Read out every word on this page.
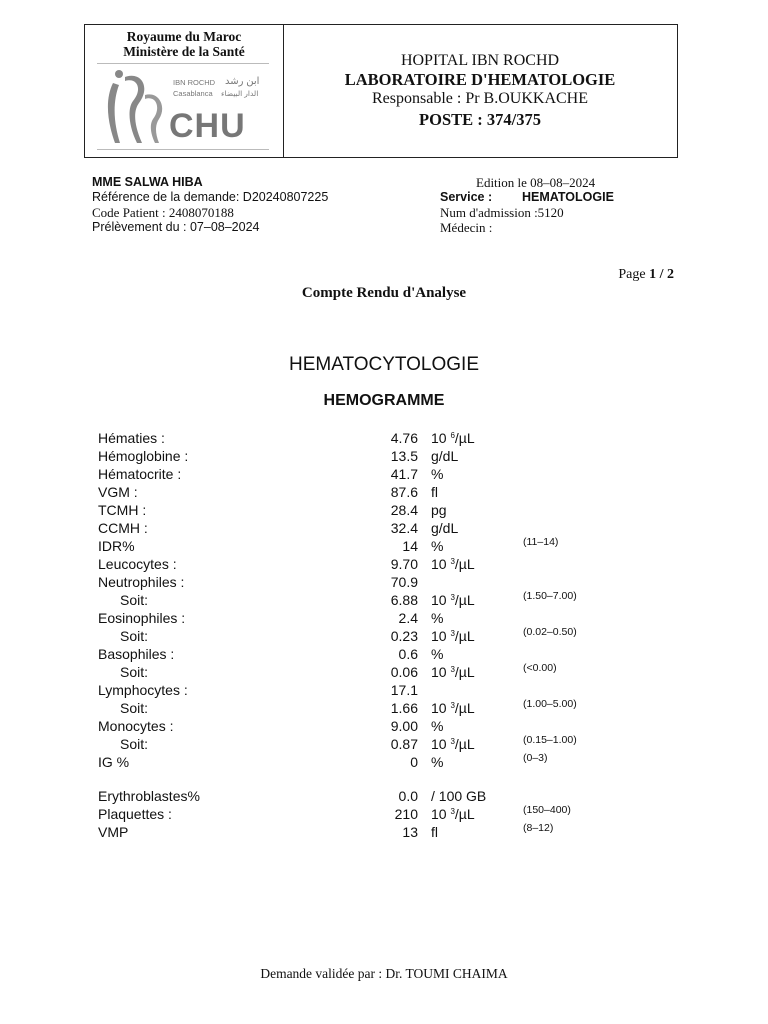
Royaume du Maroc
Ministère de la Santé
IBN ROCHD
Casablanca
ابن رشد
الدار البيضاء
CHU
HOPITAL IBN ROCHD
LABORATOIRE D'HEMATOLOGIE
Responsable : Pr B.OUKKACHE
POSTE : 374/375
MME SALWA HIBA
Référence de la demande: D20240807225
Code Patient : 2408070188
Prélèvement du : 07–08–2024
Edition le 08–08–2024
Service : HEMATOLOGIE
Num d'admission :5120
Médecin :
Page 1 / 2
Compte Rendu d'Analyse
HEMATOCYTOLOGIE
HEMOGRAMME
Hématies :	4.76 10 $^6$/µL
Hémoglobine :	13.5 g/dL
Hématocrite :	41.7 %
VGM :	87.6 fl
TCMH :	28.4 pg
CCMH :	32.4 g/dL
IDR%	14 %	(11–14)
Leucocytes :	9.70 10 $^3$/µL
Neutrophiles :	70.9
Soit:	6.88 10 $^3$/µL	(1.50–7.00)
Eosinophiles :	2.4 %
Soit:	0.23 10 $^3$/µL	(0.02–0.50)
Basophiles :	0.6 %
Soit:	0.06 10 $^3$/µL	(<0.00)
Lymphocytes :	17.1
Soit:	1.66 10 $^3$/µL	(1.00–5.00)
Monocytes :	9.00 %
Soit:	0.87 10 $^3$/µL	(0.15–1.00)
IG %	0 %	(0–3)
Erythroblastes%	0.0 / 100 GB
Plaquettes :	210 10 $^3$/µL	(150–400)
VMP	13 fl	(8–12)
Demande validée par : Dr. TOUMI CHAIMA
